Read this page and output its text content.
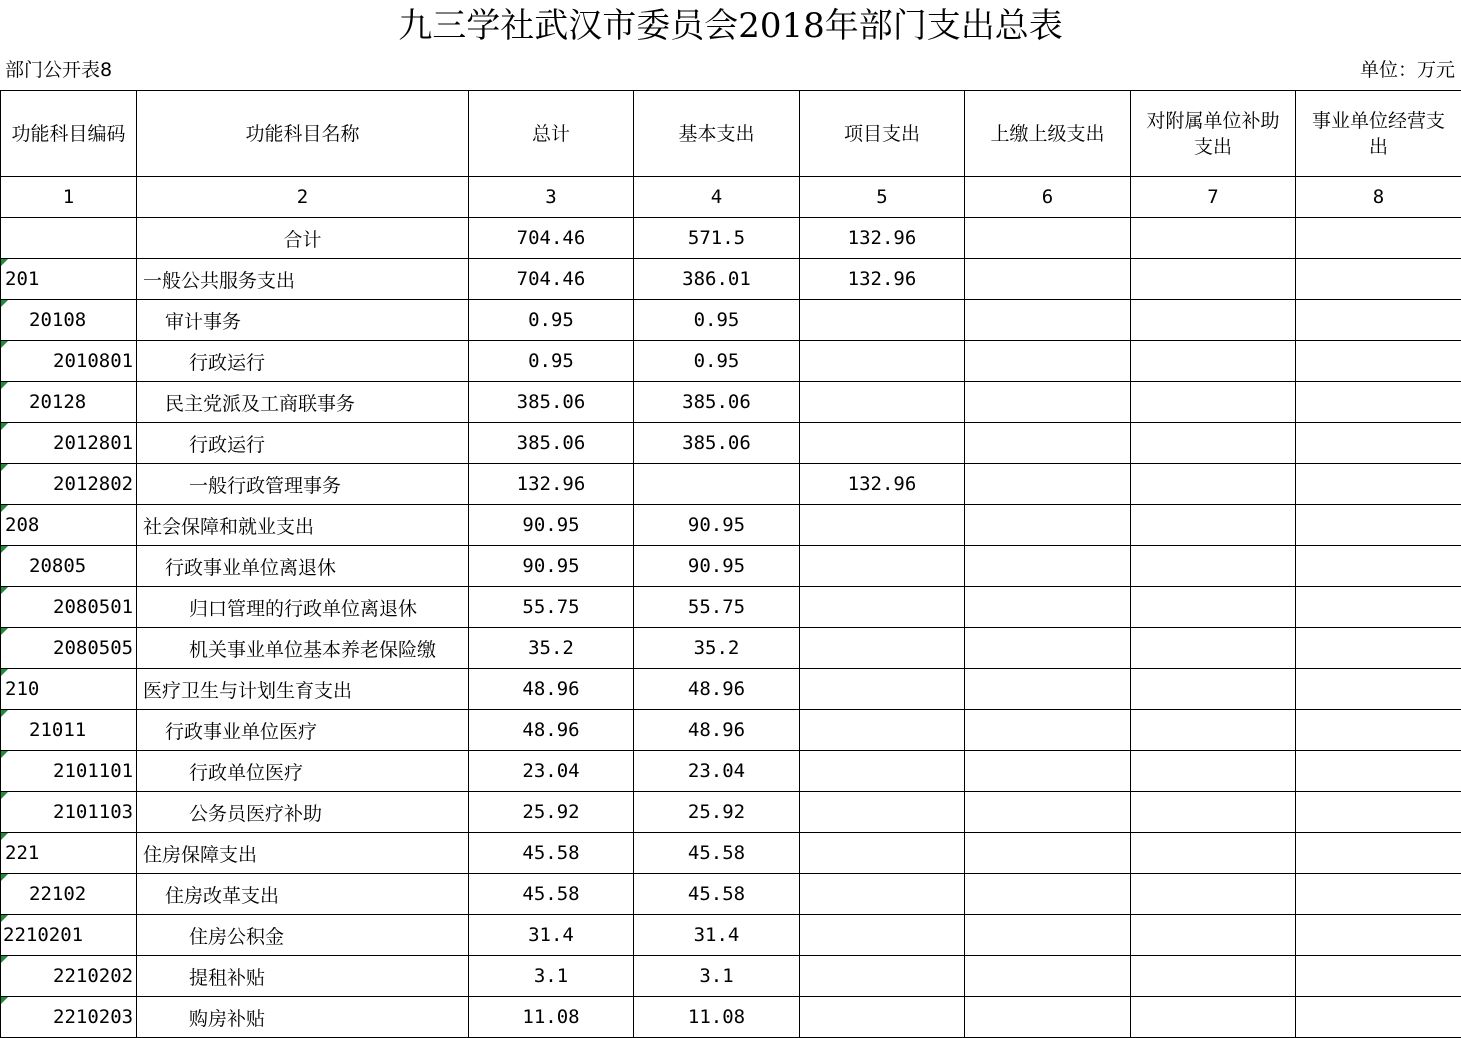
九三学社武汉市委员会2018年部门支出总表
部门公开表8	单位：万元
功能科目编码	功能科目名称	总计	基本支出	项目支出	上缴上级支出	对附属单位补助支出	事业单位经营支出
1	2	3	4	5	6	7	8
	合计	704.46	571.5	132.96			

201	一般公共服务支出	704.46	386.01	132.96			

20108	审计事务	0.95	0.95				

2010801	行政运行	0.95	0.95				

20128	民主党派及工商联事务	385.06	385.06				

2012801	行政运行	385.06	385.06				

2012802	一般行政管理事务	132.96		132.96			

208	社会保障和就业支出	90.95	90.95				

20805	行政事业单位离退休	90.95	90.95				

2080501	归口管理的行政单位离退休	55.75	55.75				

2080505	机关事业单位基本养老保险缴	35.2	35.2				

210	医疗卫生与计划生育支出	48.96	48.96				

21011	行政事业单位医疗	48.96	48.96				

2101101	行政单位医疗	23.04	23.04				

2101103	公务员医疗补助	25.92	25.92				

221	住房保障支出	45.58	45.58				

22102	住房改革支出	45.58	45.58				

2210201	住房公积金	31.4	31.4				

2210202	提租补贴	3.1	3.1				

2210203	购房补贴	11.08	11.08				
